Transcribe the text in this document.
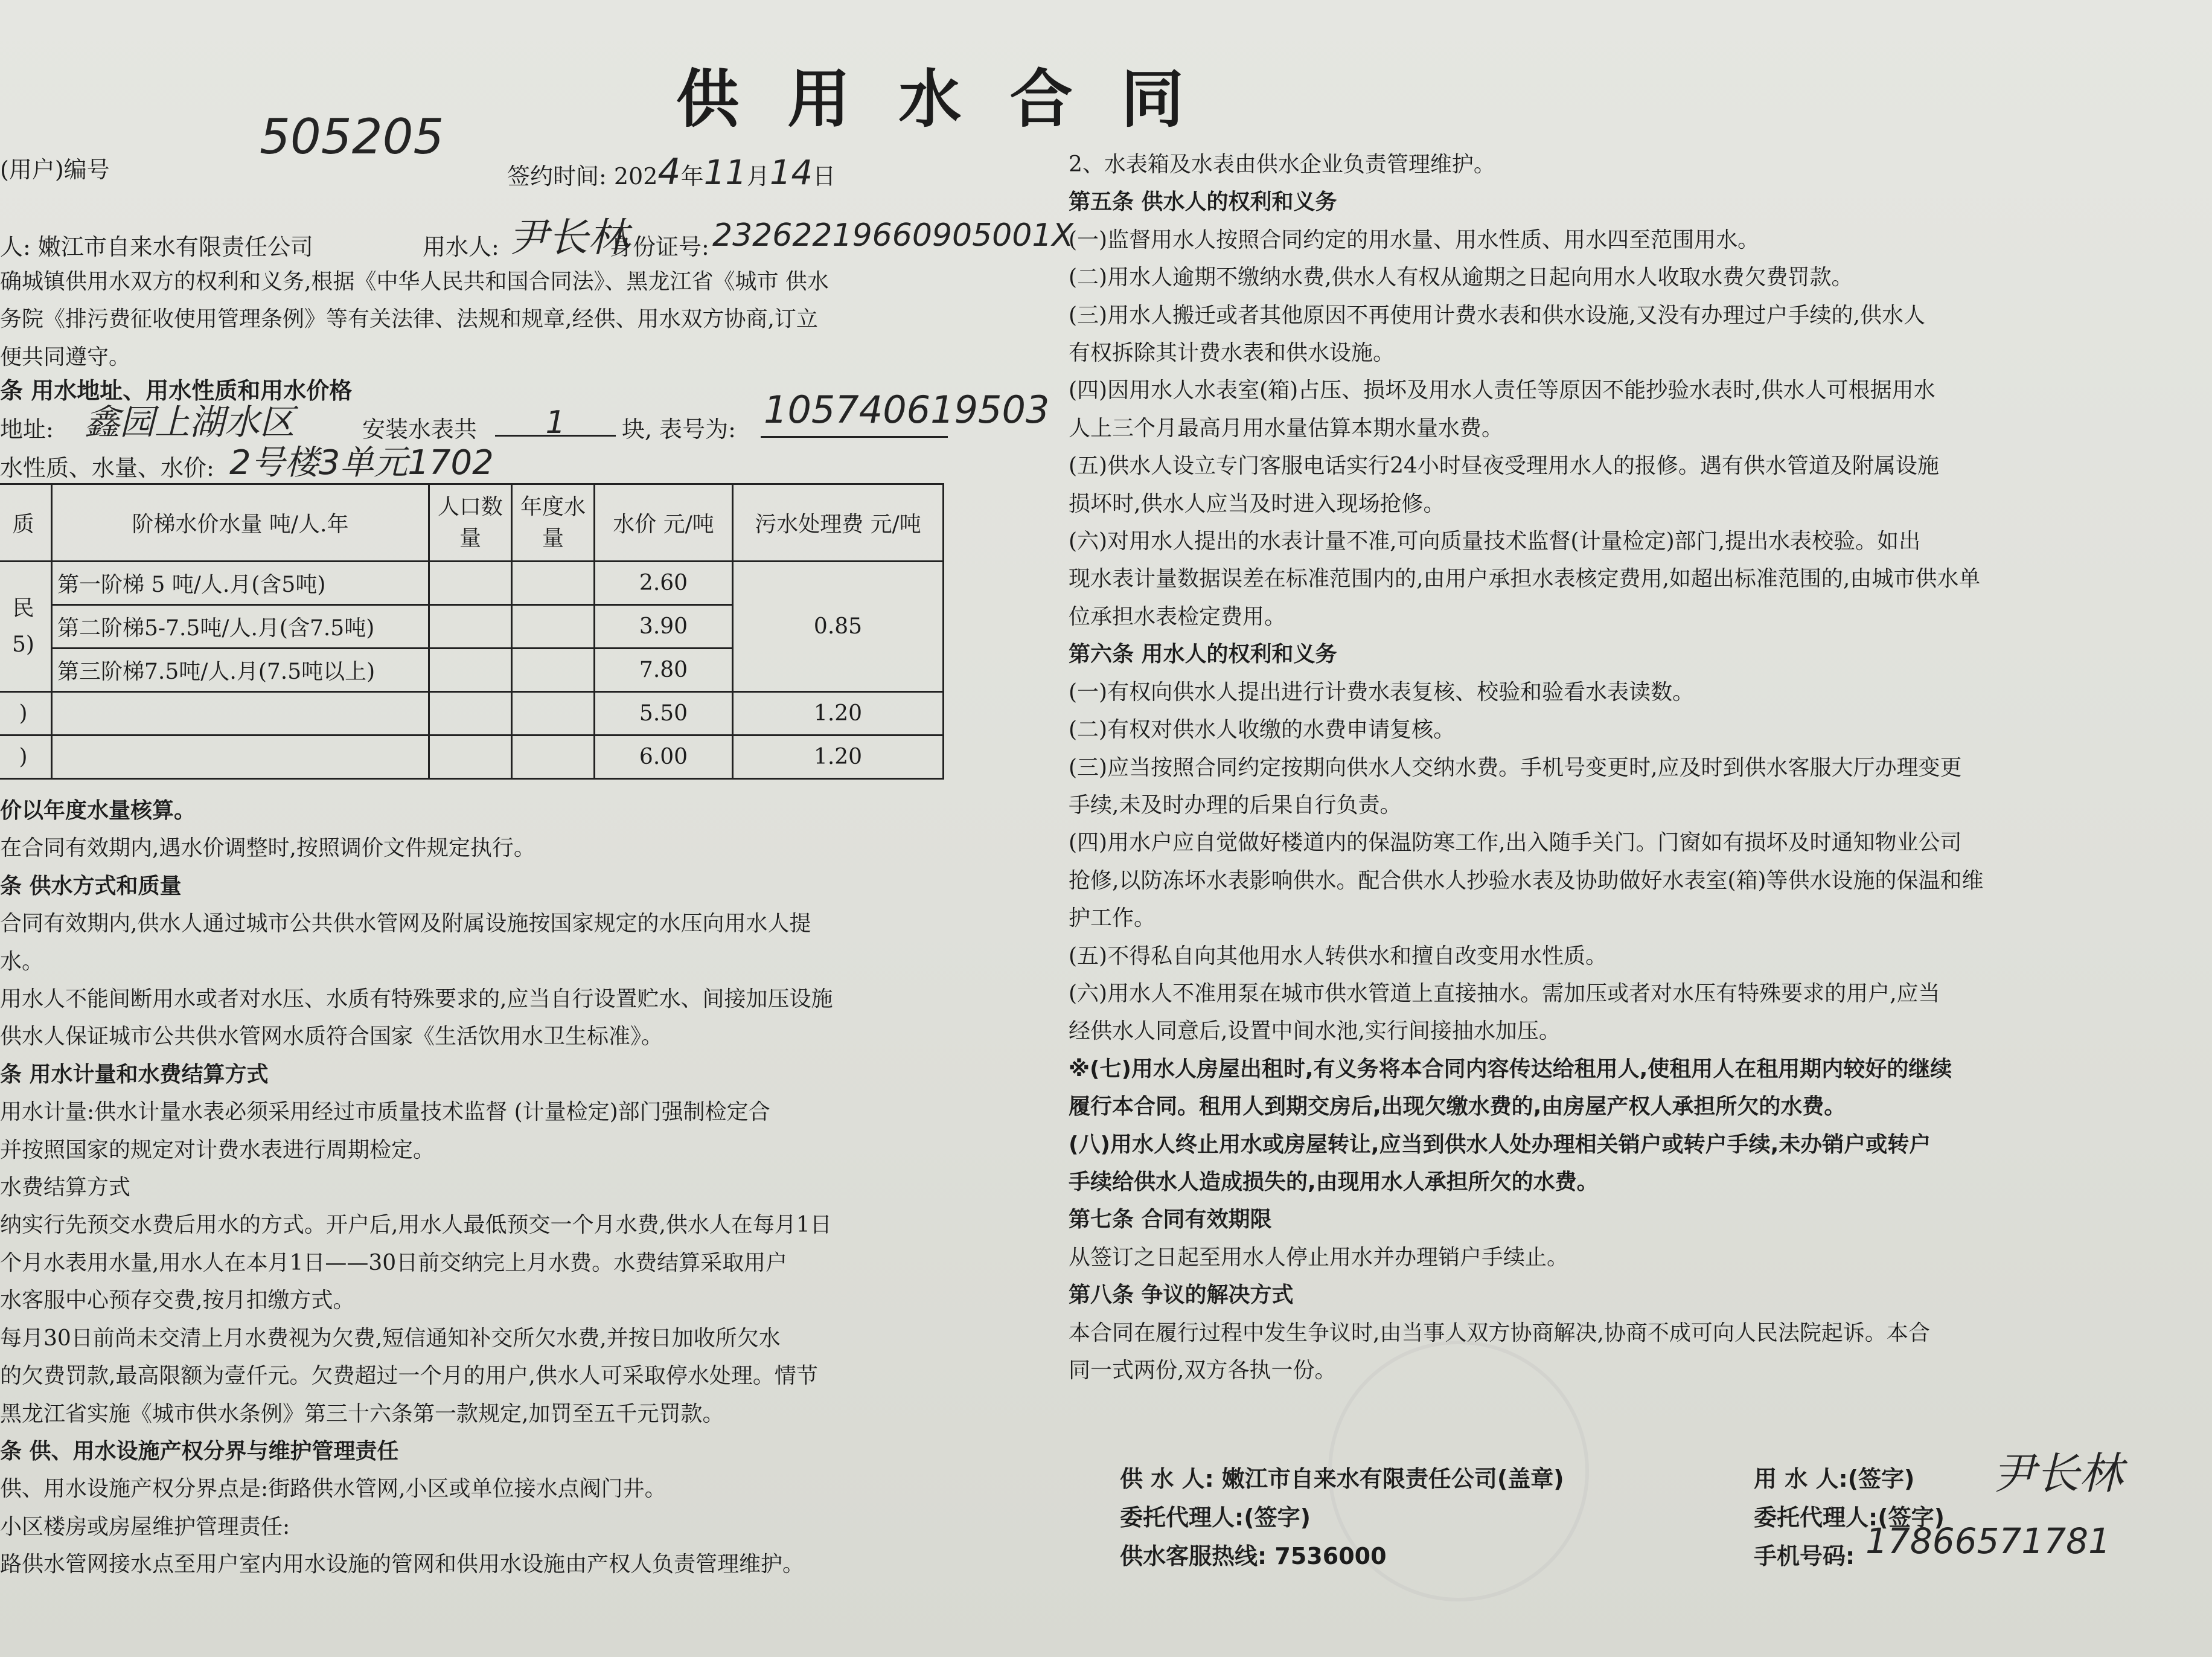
供 用 水 合 同
505205
(用户)编号	签约时间: 2024年11月14日
人: 嫩江市自来水有限责任公司	用水人: 尹长林
身份证号: 23262219660905001X
确城镇供用水双方的权利和义务,根据《中华人民共和国合同法》、黑龙江省《城市 供水
务院《排污费征收使用管理条例》等有关法律、法规和规章,经供、用水双方协商,订立
便共同遵守。
条 用水地址、用水性质和用水价格
地址: 鑫园上湖水区	安装水表共	1	块, 表号为: 105740619503
水性质、水量、水价: 2号楼3单元1702
质	阶梯水价水量 吨/人.年	人口数量	年度水量	水价 元/吨	污水处理费 元/吨
民
5)	第一阶梯 5 吨/人.月(含5吨)			2.60	0.85
	第二阶梯5-7.5吨/人.月(含7.5吨)			3.90	
	第三阶梯7.5吨/人.月(7.5吨以上)			7.80	
)				5.50	1.20
)				6.00	1.20
价以年度水量核算。
在合同有效期内,遇水价调整时,按照调价文件规定执行。
条 供水方式和质量
合同有效期内,供水人通过城市公共供水管网及附属设施按国家规定的水压向用水人提
水。
用水人不能间断用水或者对水压、水质有特殊要求的,应当自行设置贮水、间接加压设施
供水人保证城市公共供水管网水质符合国家《生活饮用水卫生标准》。
条 用水计量和水费结算方式
用水计量:供水计量水表必须采用经过市质量技术监督 (计量检定)部门强制检定合
并按照国家的规定对计费水表进行周期检定。
水费结算方式
纳实行先预交水费后用水的方式。开户后,用水人最低预交一个月水费,供水人在每月1日
个月水表用水量,用水人在本月1日——30日前交纳完上月水费。水费结算采取用户
水客服中心预存交费,按月扣缴方式。
每月30日前尚未交清上月水费视为欠费,短信通知补交所欠水费,并按日加收所欠水
的欠费罚款,最高限额为壹仟元。欠费超过一个月的用户,供水人可采取停水处理。情节
黑龙江省实施《城市供水条例》第三十六条第一款规定,加罚至五千元罚款。
条 供、用水设施产权分界与维护管理责任
供、用水设施产权分界点是:街路供水管网,小区或单位接水点阀门井。
小区楼房或房屋维护管理责任:
路供水管网接水点至用户室内用水设施的管网和供用水设施由产权人负责管理维护。
2、水表箱及水表由供水企业负责管理维护。
第五条 供水人的权利和义务
(一)监督用水人按照合同约定的用水量、用水性质、用水四至范围用水。
(二)用水人逾期不缴纳水费,供水人有权从逾期之日起向用水人收取水费欠费罚款。
(三)用水人搬迁或者其他原因不再使用计费水表和供水设施,又没有办理过户手续的,供水人
有权拆除其计费水表和供水设施。
(四)因用水人水表室(箱)占压、损坏及用水人责任等原因不能抄验水表时,供水人可根据用水
人上三个月最高月用水量估算本期水量水费。
(五)供水人设立专门客服电话实行24小时昼夜受理用水人的报修。遇有供水管道及附属设施
损坏时,供水人应当及时进入现场抢修。
(六)对用水人提出的水表计量不准,可向质量技术监督(计量检定)部门,提出水表校验。如出
现水表计量数据误差在标准范围内的,由用户承担水表核定费用,如超出标准范围的,由城市供水单
位承担水表检定费用。
第六条 用水人的权利和义务
(一)有权向供水人提出进行计费水表复核、校验和验看水表读数。
(二)有权对供水人收缴的水费申请复核。
(三)应当按照合同约定按期向供水人交纳水费。手机号变更时,应及时到供水客服大厅办理变更
手续,未及时办理的后果自行负责。
(四)用水户应自觉做好楼道内的保温防寒工作,出入随手关门。门窗如有损坏及时通知物业公司
抢修,以防冻坏水表影响供水。配合供水人抄验水表及协助做好水表室(箱)等供水设施的保温和维
护工作。
(五)不得私自向其他用水人转供水和擅自改变用水性质。
(六)用水人不准用泵在城市供水管道上直接抽水。需加压或者对水压有特殊要求的用户,应当
经供水人同意后,设置中间水池,实行间接抽水加压。
※(七)用水人房屋出租时,有义务将本合同内容传达给租用人,使租用人在租用期内较好的继续
履行本合同。租用人到期交房后,出现欠缴水费的,由房屋产权人承担所欠的水费。
(八)用水人终止用水或房屋转让,应当到供水人处办理相关销户或转户手续,未办销户或转户
手续给供水人造成损失的,由现用水人承担所欠的水费。
第七条 合同有效期限
从签订之日起至用水人停止用水并办理销户手续止。
第八条 争议的解决方式
本合同在履行过程中发生争议时,由当事人双方协商解决,协商不成可向人民法院起诉。本合
同一式两份,双方各执一份。
供 水 人: 嫩江市自来水有限责任公司(盖章)
委托代理人:(签字)
供水客服热线: 7536000
用 水 人:(签字) 尹长林
委托代理人:(签字)
手机号码: 17866571781
